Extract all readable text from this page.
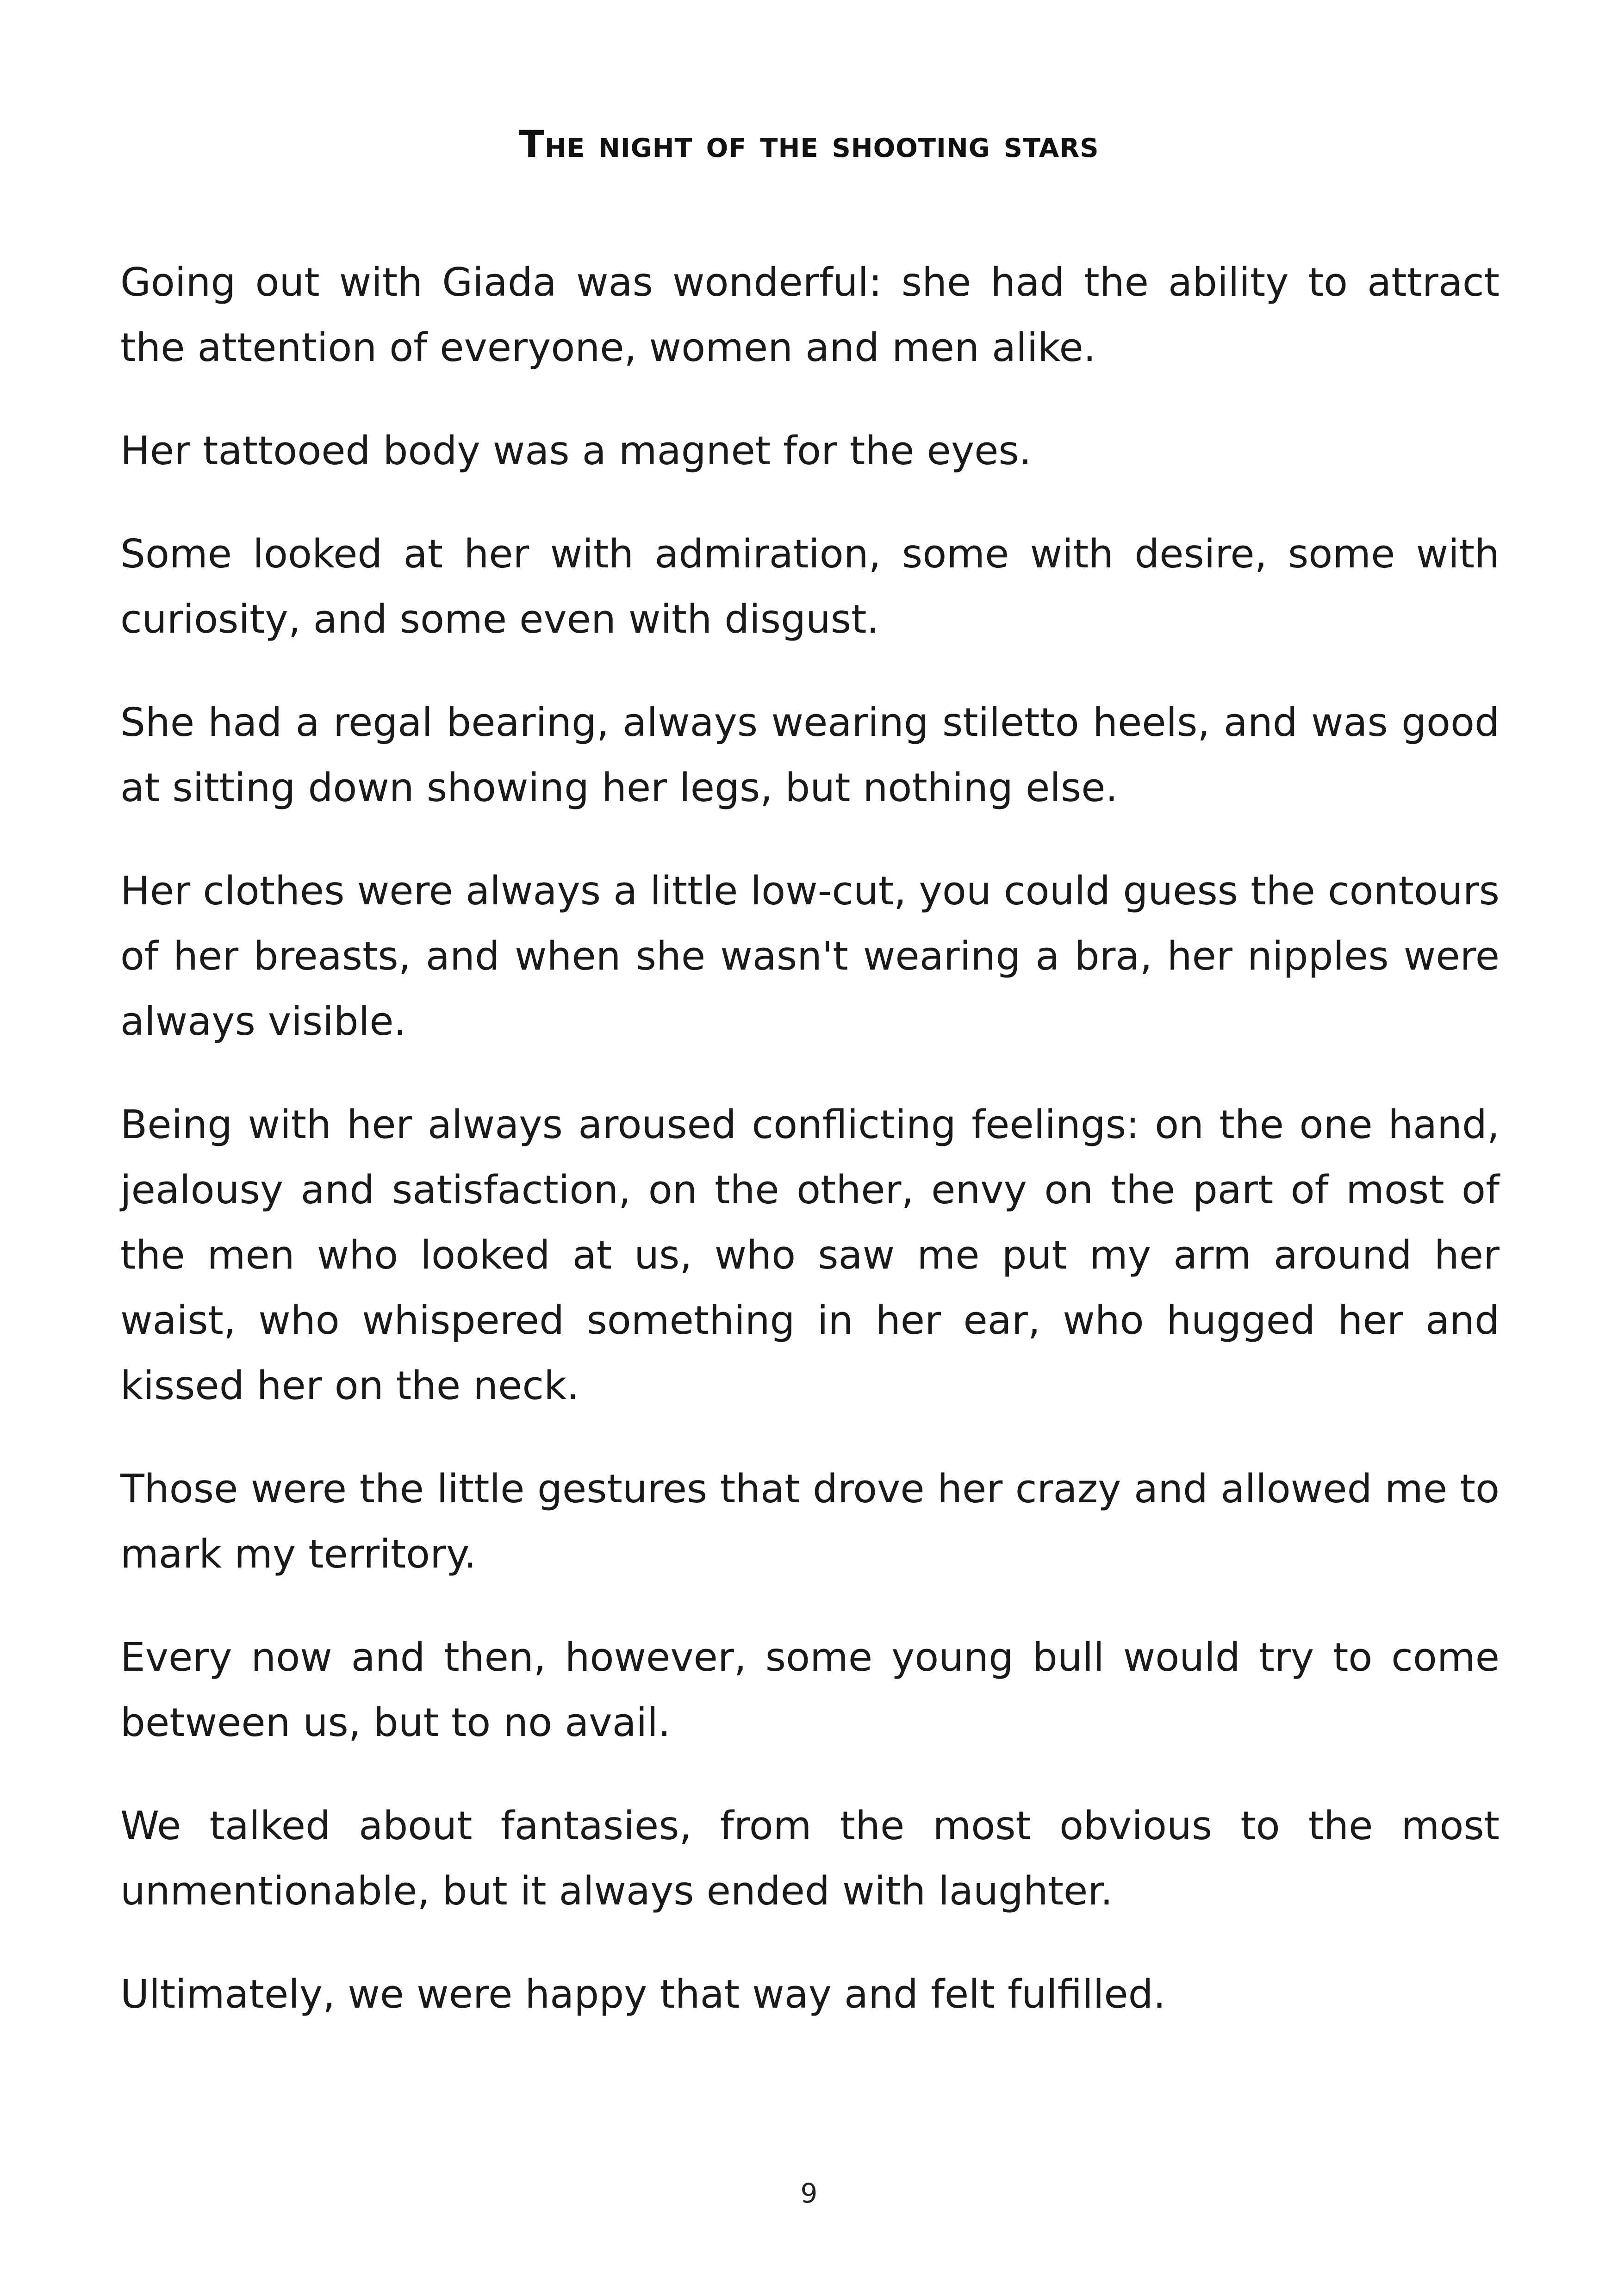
The night of the shooting stars

Going out with Giada was wonderful: she had the ability to attract the attention of everyone, women and men alike.

Her tattooed body was a magnet for the eyes.

Some looked at her with admiration, some with desire, some with curiosity, and some even with disgust.

She had a regal bearing, always wearing stiletto heels, and was good at sitting down showing her legs, but nothing else.

Her clothes were always a little low-cut, you could guess the contours of her breasts, and when she wasn't wearing a bra, her nipples were always visible.

Being with her always aroused conflicting feelings: on the one hand, jealousy and satisfaction, on the other, envy on the part of most of the men who looked at us, who saw me put my arm around her waist, who whispered something in her ear, who hugged her and kissed her on the neck.

Those were the little gestures that drove her crazy and allowed me to mark my territory.

Every now and then, however, some young bull would try to come between us, but to no avail.

We talked about fantasies, from the most obvious to the most unmentionable, but it always ended with laughter.

Ultimately, we were happy that way and felt fulfilled.

9
